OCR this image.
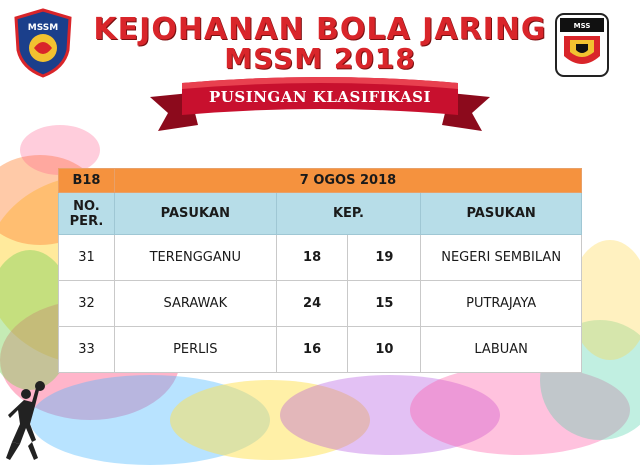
MSSM	MSS
KEJOHANAN BOLA JARING
MSSM 2018
PUSINGAN KLASIFIKASI
B18	7 OGOS 2018			
NO. PER.	PASUKAN	KEP.		PASUKAN
31	TERENGGANU	18	19	NEGERI SEMBILAN
32	SARAWAK	24	15	PUTRAJAYA
33	PERLIS	16	10	LABUAN
